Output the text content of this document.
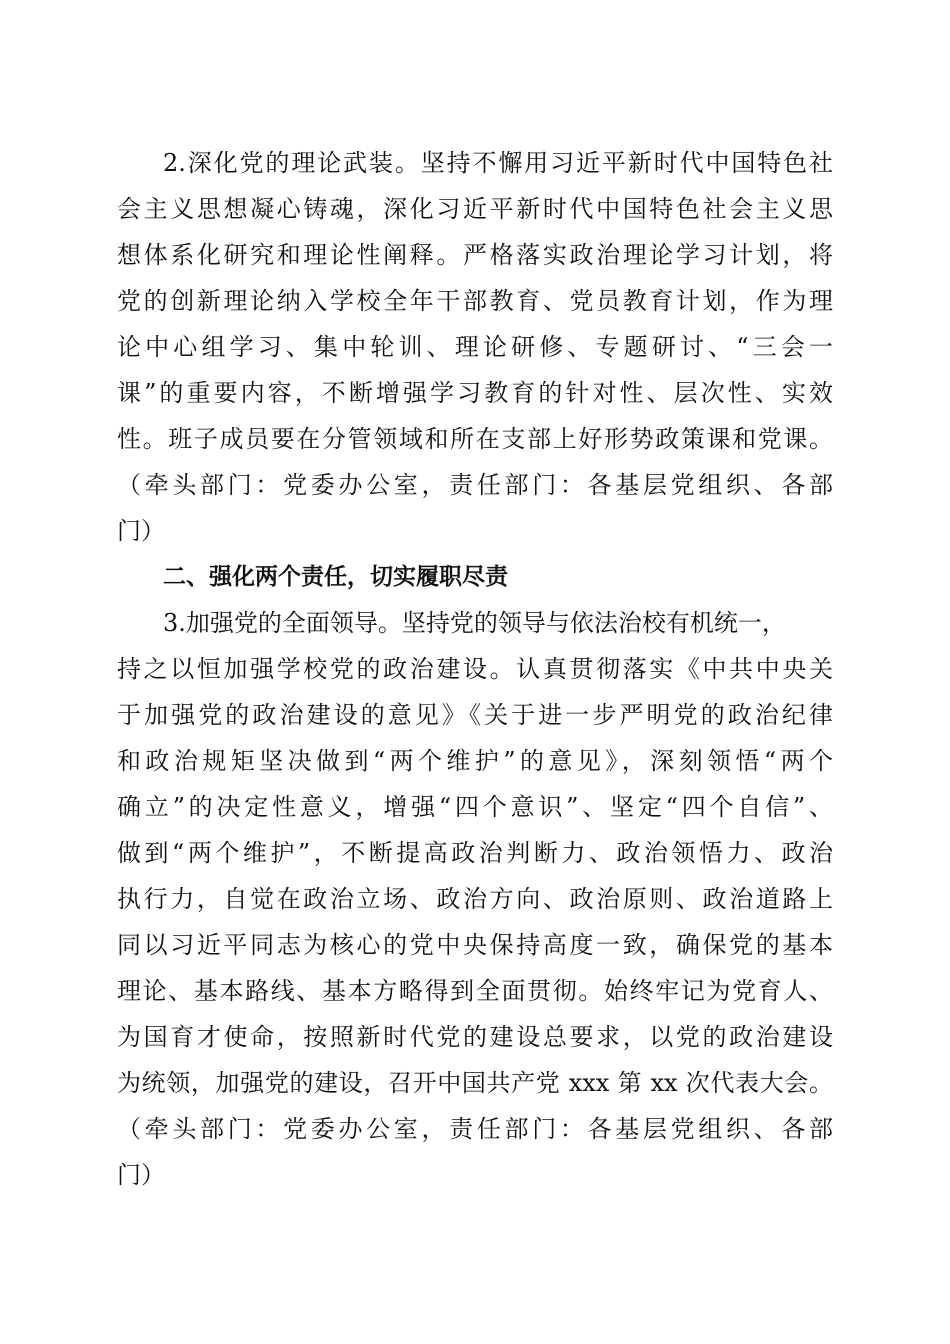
2.深化党的理论武装。坚持不懈用习近平新时代中国特色社
会主义思想凝心铸魂，深化习近平新时代中国特色社会主义思
想体系化研究和理论性阐释。严格落实政治理论学习计划，将
党的创新理论纳入学校全年干部教育、党员教育计划，作为理
论中心组学习、集中轮训、理论研修、专题研讨、“三会一
课”的重要内容，不断增强学习教育的针对性、层次性、实效
性。班子成员要在分管领域和所在支部上好形势政策课和党课。
（牵头部门：党委办公室，责任部门：各基层党组织、各部
门）
二、强化两个责任，切实履职尽责
3.加强党的全面领导。坚持党的领导与依法治校有机统一，
持之以恒加强学校党的政治建设。认真贯彻落实《中共中央关
于加强党的政治建设的意见》《关于进一步严明党的政治纪律
和政治规矩坚决做到“两个维护”的意见》，深刻领悟“两个
确立”的决定性意义，增强“四个意识”、坚定“四个自信”、
做到“两个维护”，不断提高政治判断力、政治领悟力、政治
执行力，自觉在政治立场、政治方向、政治原则、政治道路上
同以习近平同志为核心的党中央保持高度一致，确保党的基本
理论、基本路线、基本方略得到全面贯彻。始终牢记为党育人、
为国育才使命，按照新时代党的建设总要求，以党的政治建设
为统领，加强党的建设，召开中国共产党 xxx 第 xx 次代表大会。
（牵头部门：党委办公室，责任部门：各基层党组织、各部
门）
